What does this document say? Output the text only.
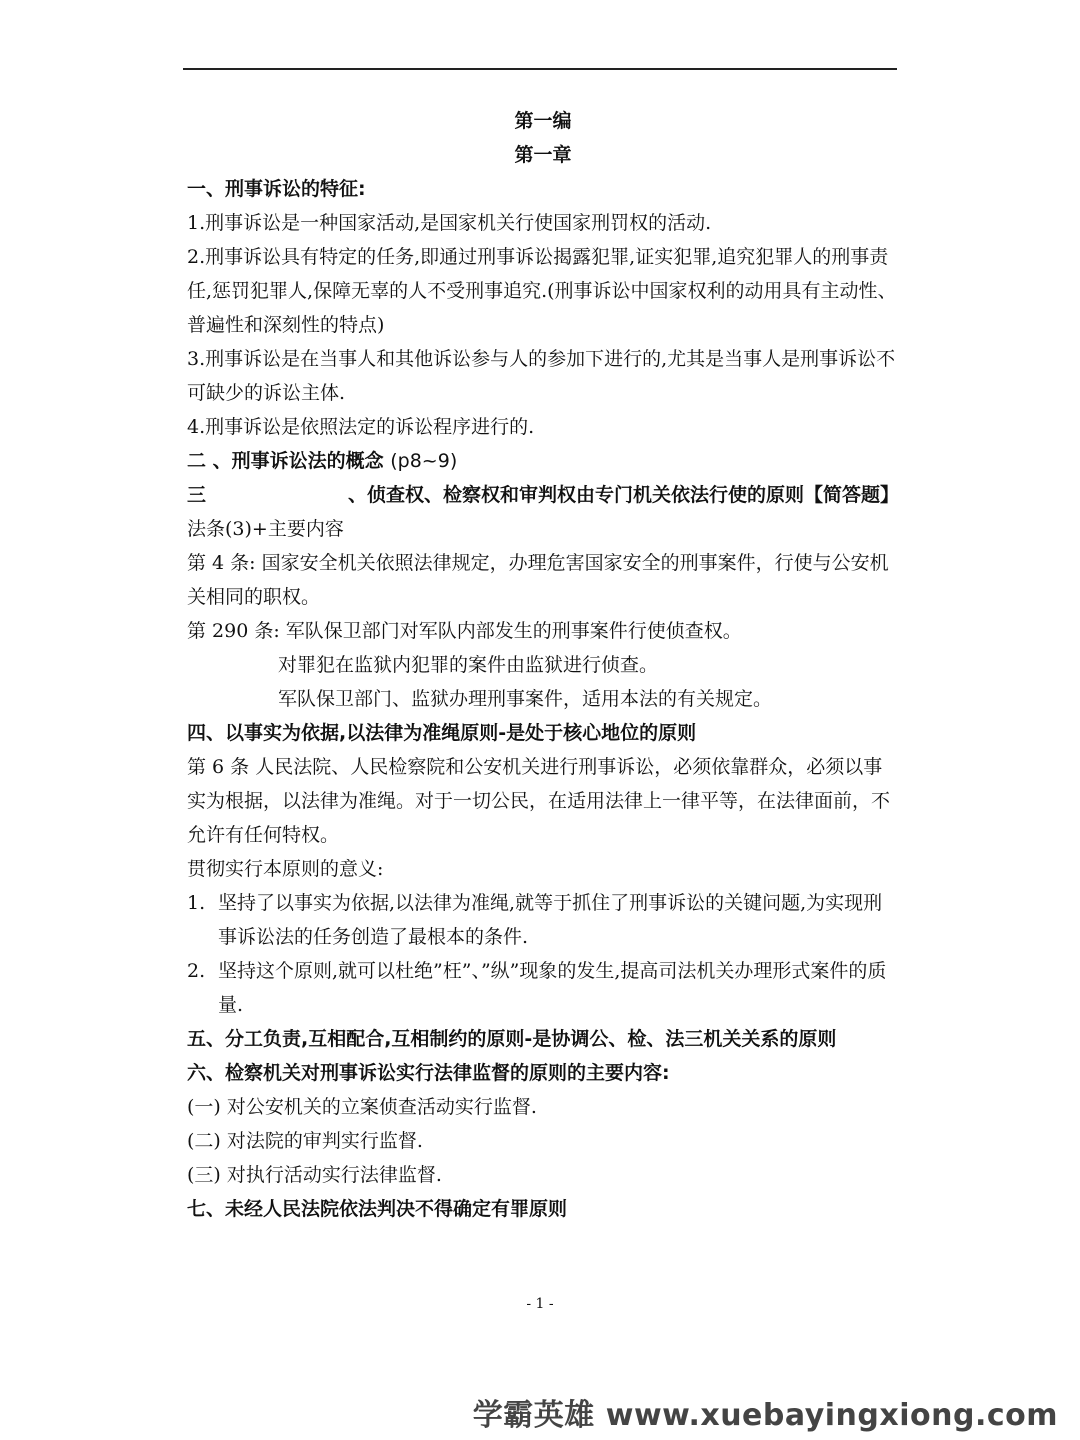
第一编

第一章

一、刑事诉讼的特征:

1.刑事诉讼是一种国家活动,是国家机关行使国家刑罚权的活动.

2.刑事诉讼具有特定的任务,即通过刑事诉讼揭露犯罪,证实犯罪,追究犯罪人的刑事责任,惩罚犯罪人,保障无辜的人不受刑事追究.(刑事诉讼中国家权利的动用具有主动性、普遍性和深刻性的特点)

3.刑事诉讼是在当事人和其他诉讼参与人的参加下进行的,尤其是当事人是刑事诉讼不可缺少的诉讼主体.

4.刑事诉讼是依照法定的诉讼程序进行的.

二 、刑事诉讼法的概念 (p8~9)

三	、侦查权、检察权和审判权由专门机关依法行使的原则【简答题】

法条(3)+主要内容

第 4 条: 国家安全机关依照法律规定，办理危害国家安全的刑事案件，行使与公安机关相同的职权。

第 290 条: 军队保卫部门对军队内部发生的刑事案件行使侦查权。

对罪犯在监狱内犯罪的案件由监狱进行侦查。

军队保卫部门、监狱办理刑事案件，适用本法的有关规定。

四、以事实为依据,以法律为准绳原则-是处于核心地位的原则

第 6 条 人民法院、人民检察院和公安机关进行刑事诉讼，必须依靠群众，必须以事实为根据，以法律为准绳。对于一切公民，在适用法律上一律平等，在法律面前，不允许有任何特权。

贯彻实行本原则的意义:

1. 坚持了以事实为依据,以法律为准绳,就等于抓住了刑事诉讼的关键问题,为实现刑事诉讼法的任务创造了最根本的条件.

2. 坚持这个原则,就可以杜绝”枉”、”纵”现象的发生,提高司法机关办理形式案件的质量.

五、分工负责,互相配合,互相制约的原则-是协调公、检、法三机关关系的原则

六、检察机关对刑事诉讼实行法律监督的原则的主要内容:

(一) 对公安机关的立案侦查活动实行监督.

(二) 对法院的审判实行监督.

(三) 对执行活动实行法律监督.

七、未经人民法院依法判决不得确定有罪原则

- 1 -
学霸英雄 www.xuebayingxiong.com
